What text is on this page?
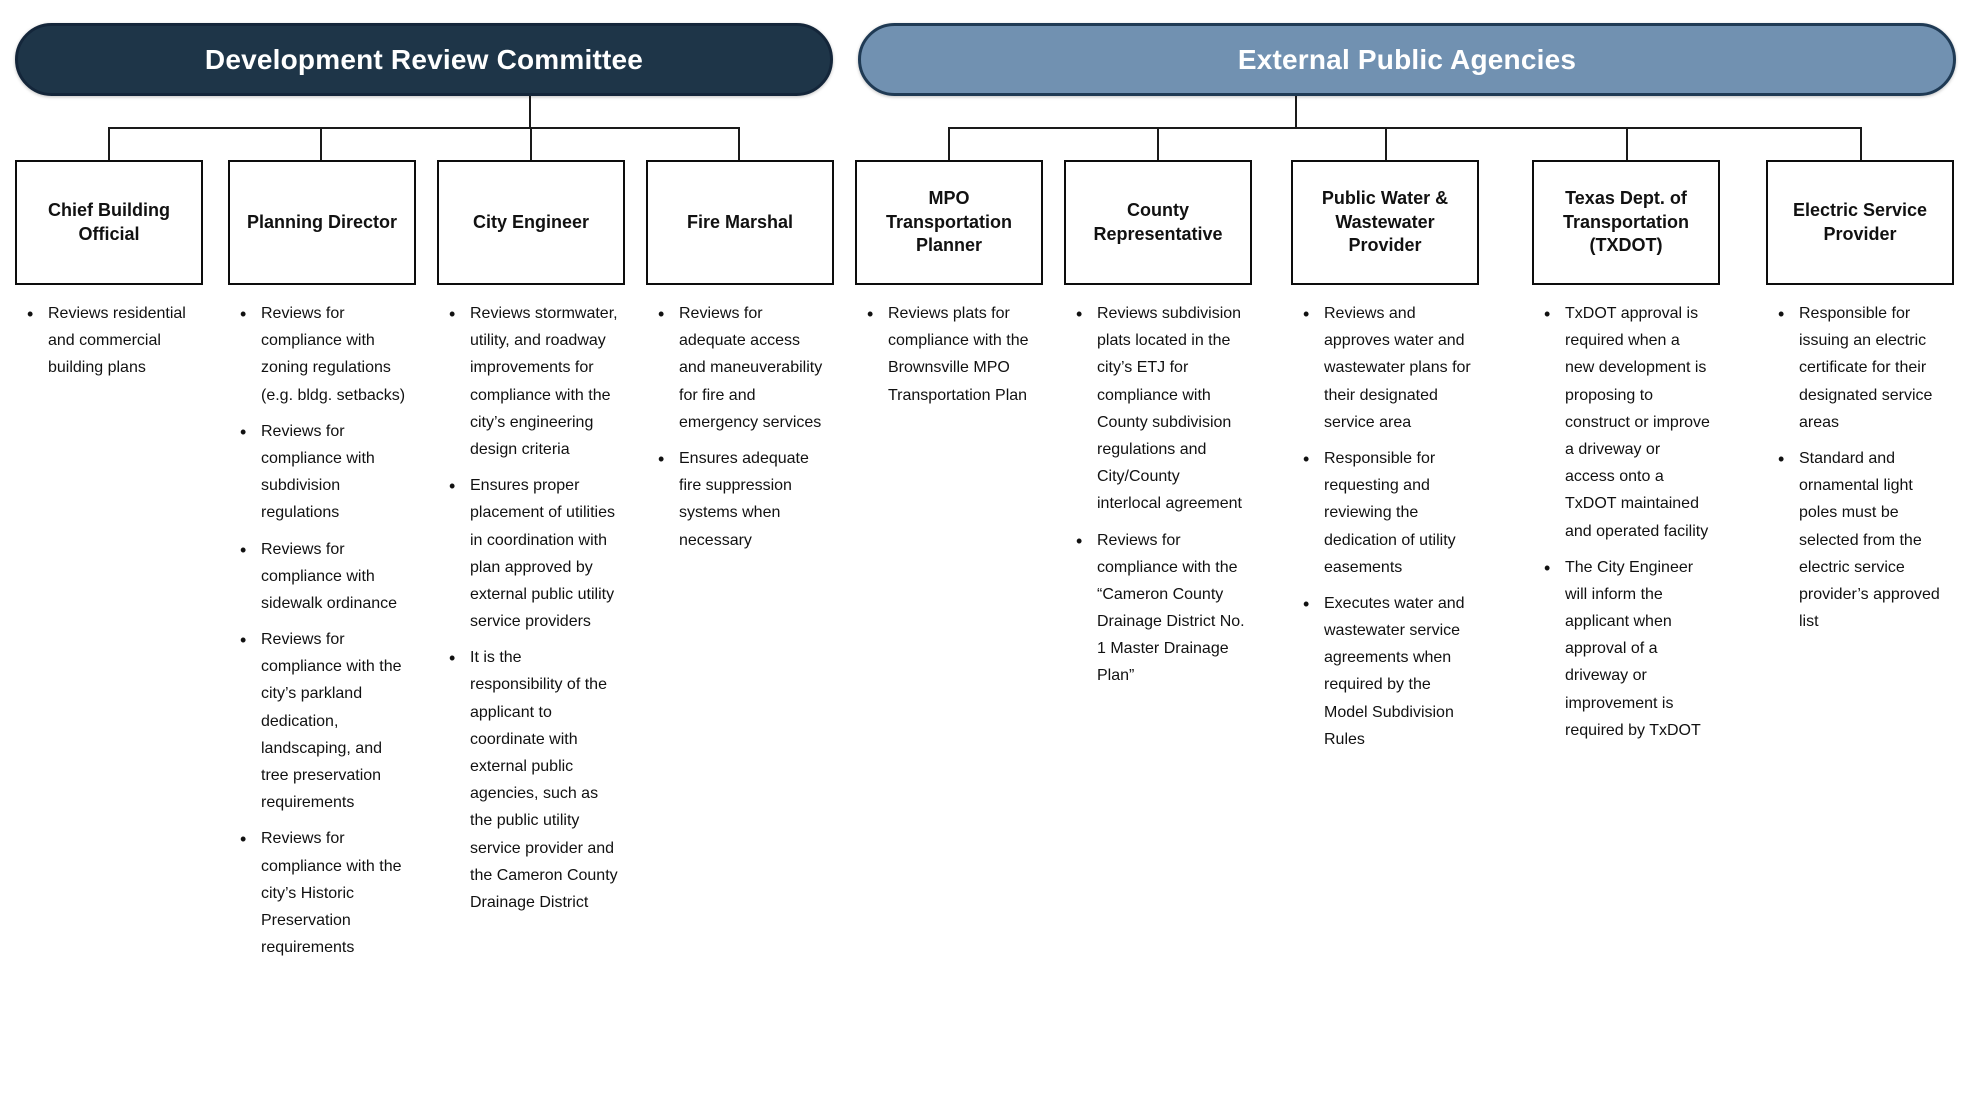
Development Review Committee	External Public Agencies
Chief Building Official
• Reviews residential and commercial building plans
Planning Director
• Reviews for compliance with zoning regulations (e.g. bldg. setbacks)
• Reviews for compliance with subdivision regulations
• Reviews for compliance with sidewalk ordinance
• Reviews for compliance with the city’s parkland dedication, landscaping, and tree preservation requirements
• Reviews for compliance with the city’s Historic Preservation requirements
City Engineer
• Reviews stormwater, utility, and roadway improvements for compliance with the city’s engineering design criteria
• Ensures proper placement of utilities in coordination with plan approved by external public utility service providers
• It is the responsibility of the applicant to coordinate with external public agencies, such as the public utility service provider and the Cameron County Drainage District
Fire Marshal
• Reviews for adequate access and maneuverability for fire and emergency services
• Ensures adequate fire suppression systems when necessary
MPO Transportation Planner
• Reviews plats for compliance with the Brownsville MPO Transportation Plan
County Representative
• Reviews subdivision plats located in the city’s ETJ for compliance with County subdivision regulations and City/County interlocal agreement
• Reviews for compliance with the “Cameron County Drainage District No. 1 Master Drainage Plan”
Public Water & Wastewater Provider
• Reviews and approves water and wastewater plans for their designated service area
• Responsible for requesting and reviewing the dedication of utility easements
• Executes water and wastewater service agreements when required by the Model Subdivision Rules
Texas Dept. of Transportation (TXDOT)
• TxDOT approval is required when a new development is proposing to construct or improve a driveway or access onto a TxDOT maintained and operated facility
• The City Engineer will inform the applicant when approval of a driveway or improvement is required by TxDOT
Electric Service Provider
• Responsible for issuing an electric certificate for their designated service areas
• Standard and ornamental light poles must be selected from the electric service provider’s approved list
